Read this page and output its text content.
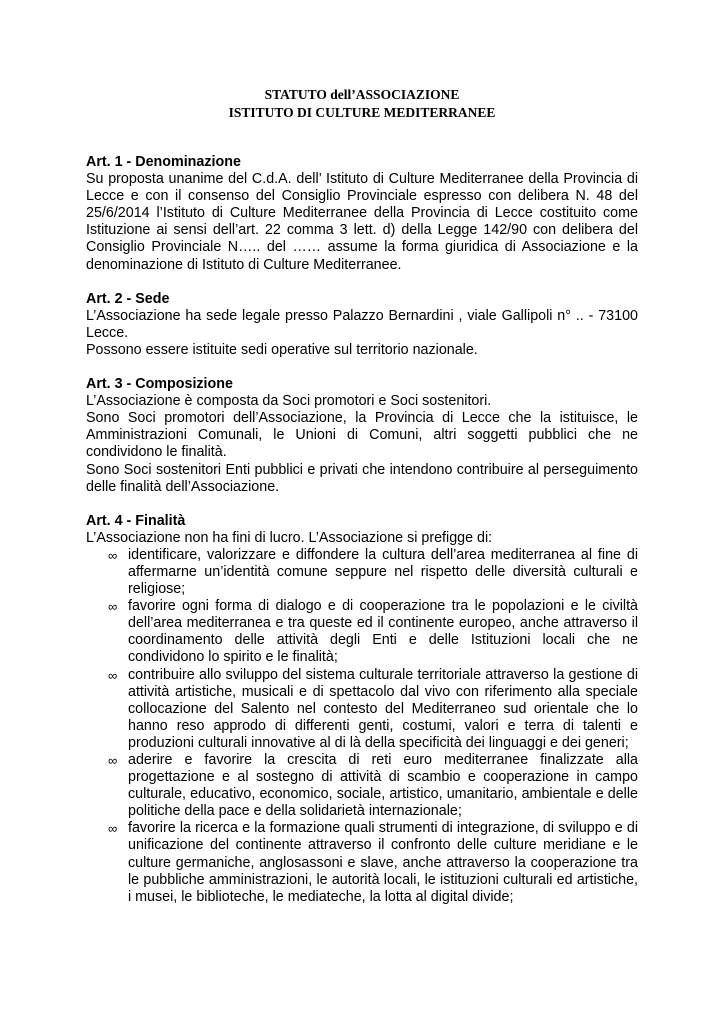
STATUTO dell’ASSOCIAZIONE
ISTITUTO DI CULTURE MEDITERRANEE
Art. 1 - Denominazione

Su proposta unanime del C.d.A. dell’ Istituto di Culture Mediterranee della Provincia di Lecce e con il consenso del Consiglio Provinciale espresso con delibera N. 48 del 25/6/2014 l’Istituto di Culture Mediterranee della Provincia di Lecce costituito come Istituzione ai sensi dell’art. 22 comma 3 lett. d) della Legge 142/90 con delibera del Consiglio Provinciale N….. del …… assume la forma giuridica di Associazione e la denominazione di Istituto di Culture Mediterranee.

Art. 2 - Sede

L’Associazione ha sede legale presso Palazzo Bernardini , viale Gallipoli n° .. - 73100 Lecce.

Possono essere istituite sedi operative sul territorio nazionale.

Art. 3 - Composizione

L’Associazione è composta da Soci promotori e Soci sostenitori.

Sono Soci promotori dell’Associazione, la Provincia di Lecce che la istituisce, le Amministrazioni Comunali, le Unioni di Comuni, altri soggetti pubblici che ne condividono le finalità.

Sono Soci sostenitori Enti pubblici e privati che intendono contribuire al perseguimento delle finalità dell’Associazione.

Art. 4 - Finalità

L’Associazione non ha fini di lucro. L’Associazione si prefigge di:

∞ identificare, valorizzare e diffondere la cultura dell’area mediterranea al fine di affermarne un’identità comune seppure nel rispetto delle diversità culturali e religiose;
∞ favorire ogni forma di dialogo e di cooperazione tra le popolazioni e le civiltà dell’area mediterranea e tra queste ed il continente europeo, anche attraverso il coordinamento delle attività degli Enti e delle Istituzioni locali che ne condividono lo spirito e le finalità;
∞ contribuire allo sviluppo del sistema culturale territoriale attraverso la gestione di attività artistiche, musicali e di spettacolo dal vivo con riferimento alla speciale collocazione del Salento nel contesto del Mediterraneo sud orientale che lo hanno reso approdo di differenti genti, costumi, valori e terra di talenti e produzioni culturali innovative al di là della specificità dei linguaggi e dei generi;
∞ aderire e favorire la crescita di reti euro mediterranee finalizzate alla progettazione e al sostegno di attività di scambio e cooperazione in campo culturale, educativo, economico, sociale, artistico, umanitario, ambientale e delle politiche della pace e della solidarietà internazionale;
∞ favorire la ricerca e la formazione quali strumenti di integrazione, di sviluppo e di unificazione del continente attraverso il confronto delle culture meridiane e le culture germaniche, anglosassoni e slave, anche attraverso la cooperazione tra le pubbliche amministrazioni, le autorità locali, le istituzioni culturali ed artistiche, i musei, le biblioteche, le mediateche, la lotta al digital divide;
